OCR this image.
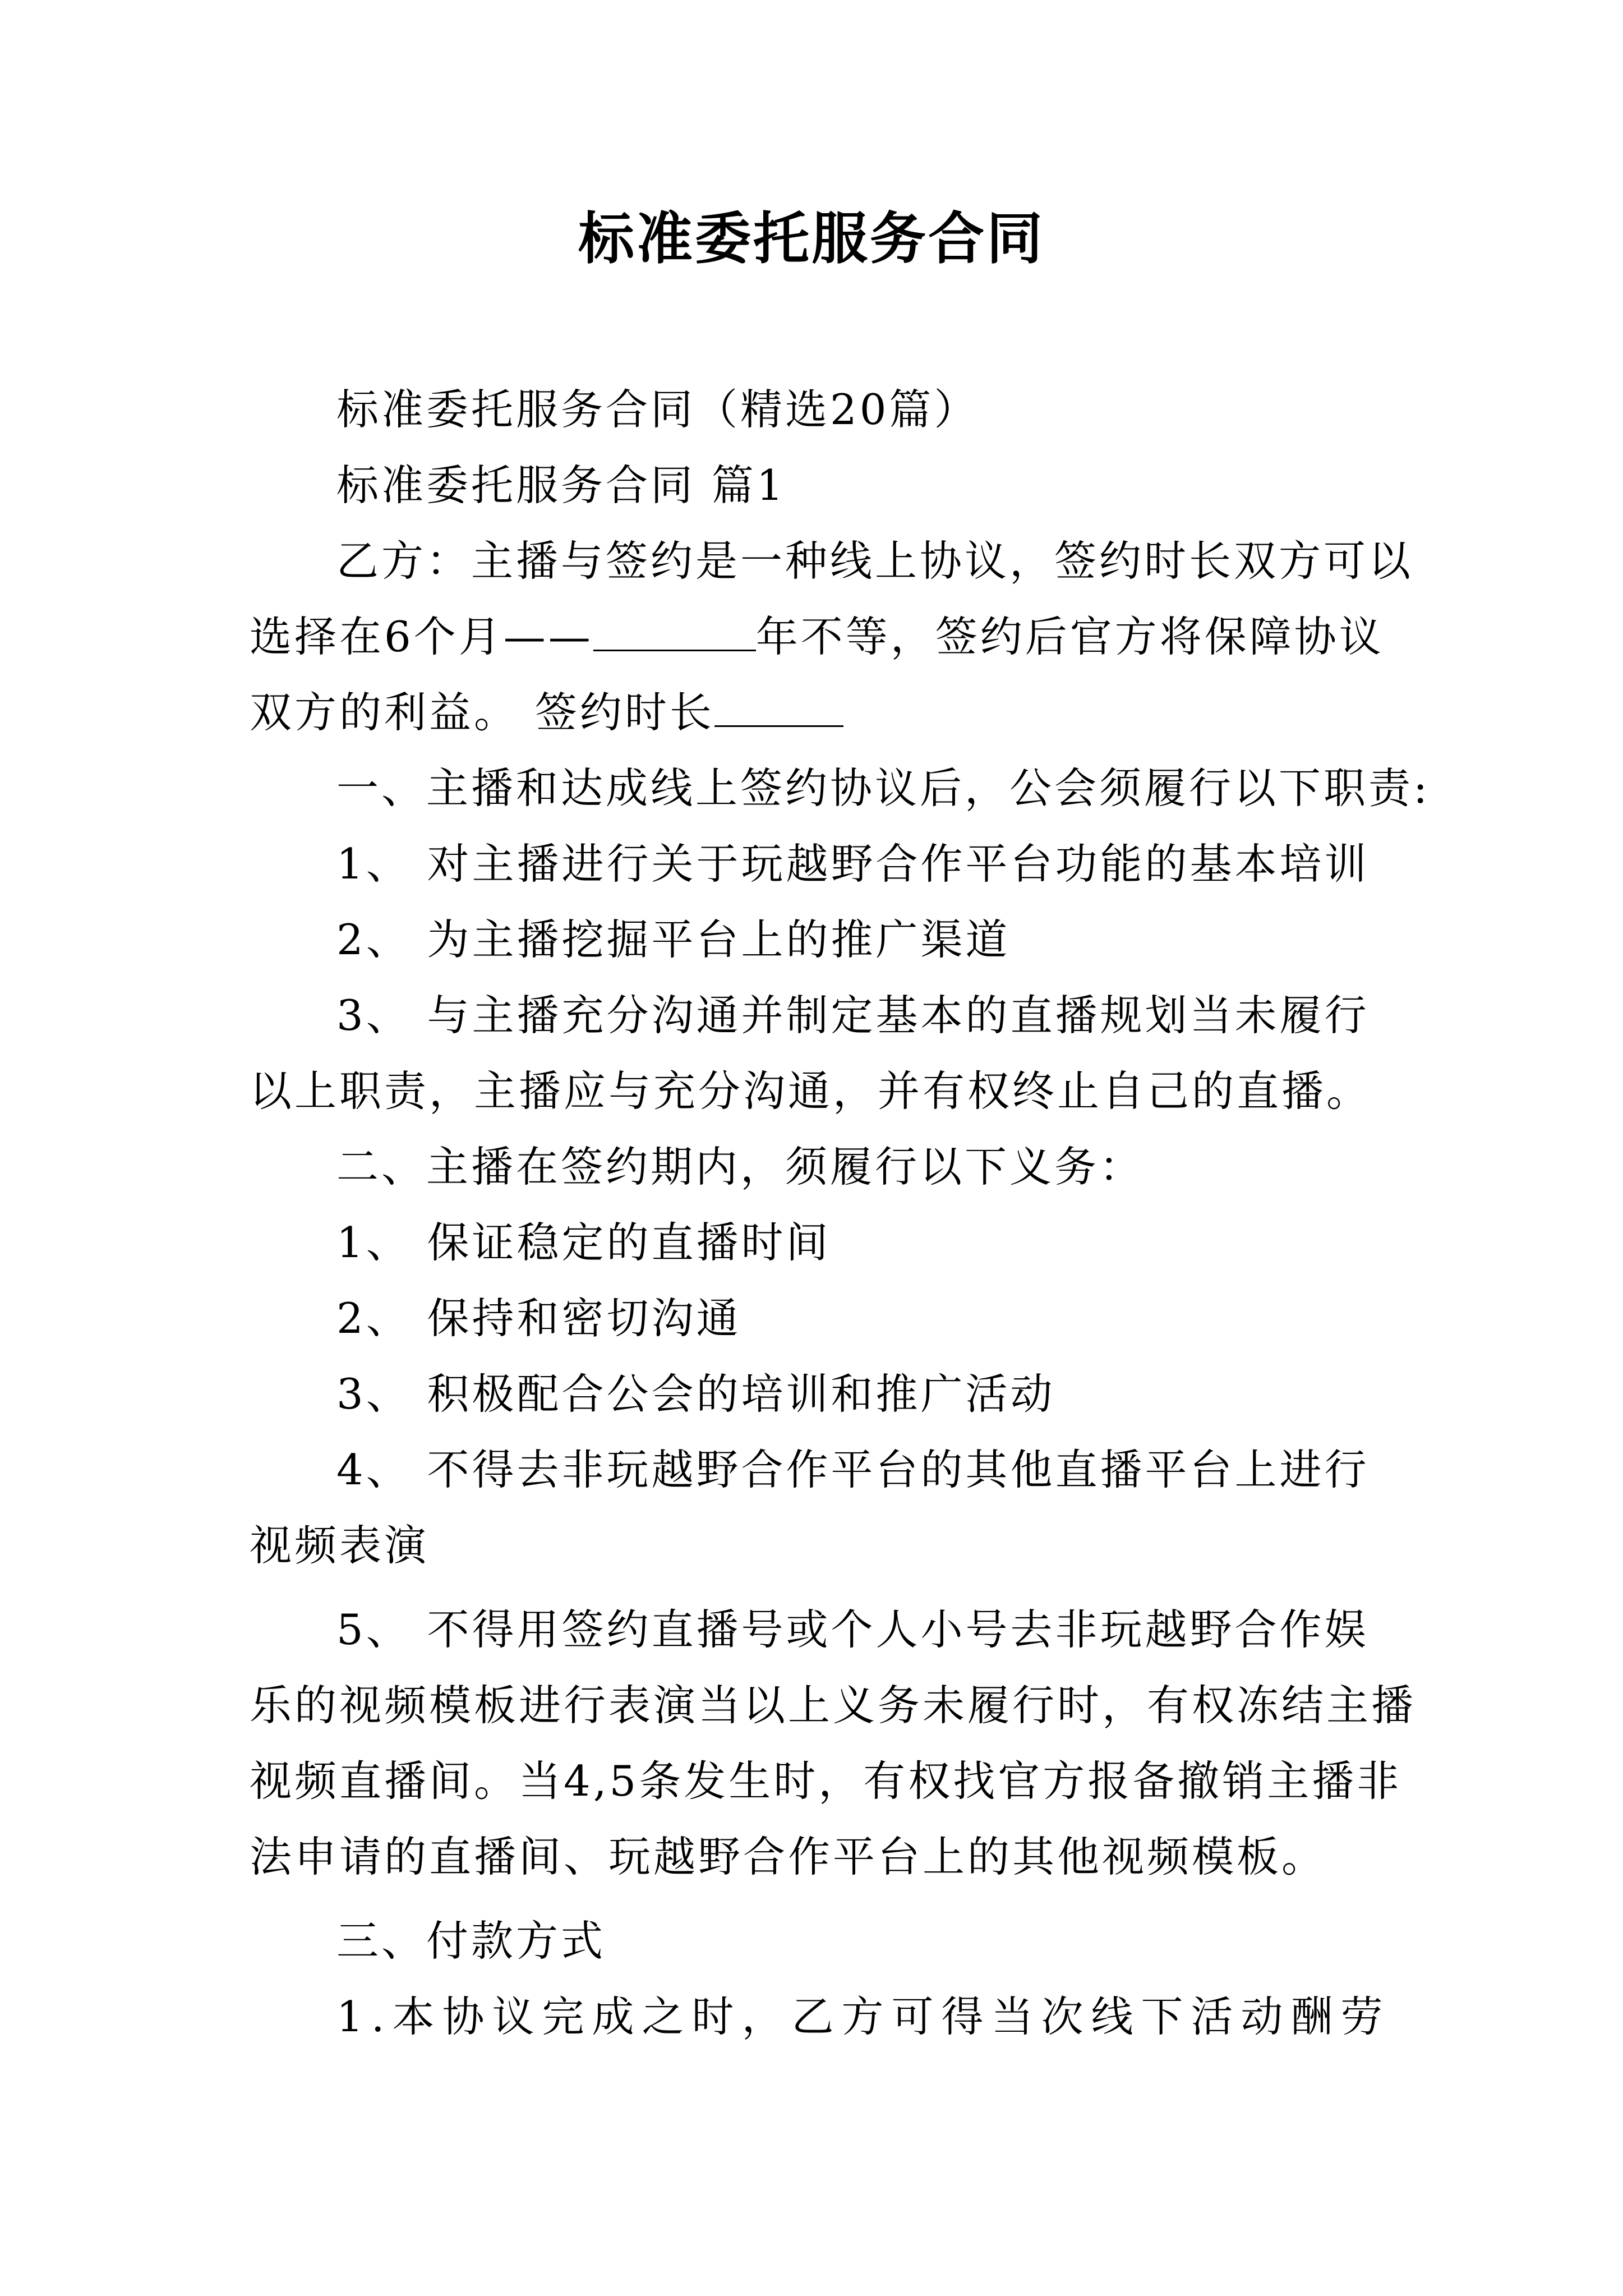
标准委托服务合同
标准委托服务合同（精选20篇）
标准委托服务合同 篇1
乙方：主播与签约是一种线上协议，签约时长双方可以
选择在6个月——	年不等，签约后官方将保障协议
双方的利益。 签约时长
一、主播和达成线上签约协议后，公会须履行以下职责:
1、 对主播进行关于玩越野合作平台功能的基本培训
2、 为主播挖掘平台上的推广渠道
3、 与主播充分沟通并制定基本的直播规划当未履行
以上职责，主播应与充分沟通，并有权终止自己的直播。
二、主播在签约期内，须履行以下义务：
1、 保证稳定的直播时间
2、 保持和密切沟通
3、 积极配合公会的培训和推广活动
4、 不得去非玩越野合作平台的其他直播平台上进行
视频表演
5、 不得用签约直播号或个人小号去非玩越野合作娱
乐的视频模板进行表演当以上义务未履行时，有权冻结主播
视频直播间。当4,5条发生时，有权找官方报备撤销主播非
法申请的直播间、玩越野合作平台上的其他视频模板。
三、付款方式
1.本协议完成之时，乙方可得当次线下活动酬劳
